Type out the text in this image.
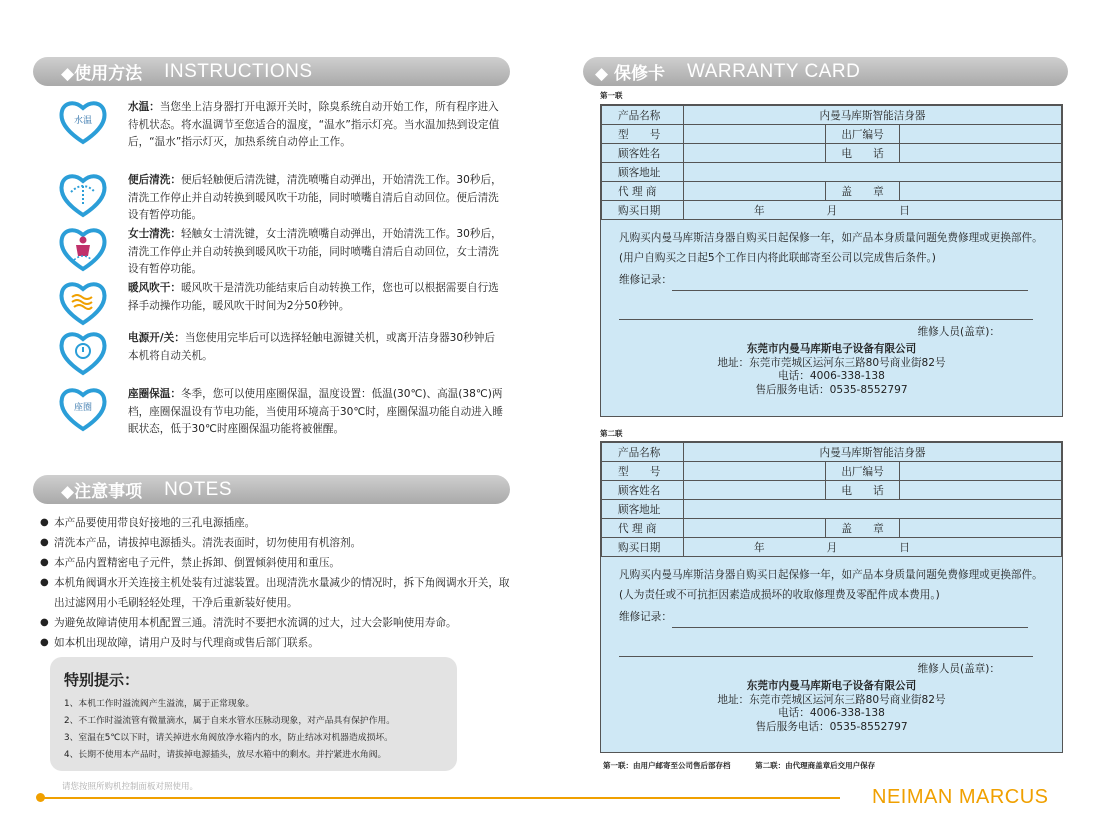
◆使用方法 INSTRUCTIONS
水温
水温：当您坐上洁身器打开电源开关时，除臭系统自动开始工作，所有程序进入待机状态。将水温调节至您适合的温度，“温水”指示灯亮。当水温加热到设定值后，“温水”指示灯灭，加热系统自动停止工作。
便后清洗：便后轻触便后清洗键，清洗喷嘴自动弹出，开始清洗工作。30秒后，清洗工作停止并自动转换到暖风吹干功能，同时喷嘴自清后自动回位。便后清洗设有暂停功能。
女士清洗：轻触女士清洗键，女士清洗喷嘴自动弹出，开始清洗工作。30秒后，清洗工作停止并自动转换到暖风吹干功能，同时喷嘴自清后自动回位，女士清洗设有暂停功能。
暖风吹干：暖风吹干是清洗功能结束后自动转换工作，您也可以根据需要自行选择手动操作功能，暖风吹干时间为2分50秒钟。
电源开/关：当您使用完毕后可以选择轻触电源键关机，或离开洁身器30秒钟后本机将自动关机。
座圈
座圈保温：冬季，您可以使用座圈保温，温度设置：低温(30℃)、高温(38℃)两档，座圈保温设有节电功能，当使用环境高于30℃时，座圈保温功能自动进入睡眠状态，低于30℃时座圈保温功能将被催醒。
◆注意事项 NOTES
● 本产品要使用带良好接地的三孔电源插座。
● 清洗本产品，请拔掉电源插头。清洗表面时，切勿使用有机溶剂。
● 本产品内置精密电子元件，禁止拆卸、倒置倾斜使用和重压。
● 本机角阀调水开关连接主机处装有过滤装置。出现清洗水量减少的情况时，拆下角阀调水开关，取出过滤网用小毛刷轻轻处理，干净后重新装好使用。
● 为避免故障请使用本机配置三通。清洗时不要把水流调的过大，过大会影响使用寿命。
● 如本机出现故障，请用户及时与代理商或售后部门联系。
特别提示：

1、本机工作时溢流阀产生溢流，属于正常现象。

2、不工作时溢流管有微量滴水，属于自来水管水压脉动现象，对产品具有保护作用。

3、室温在5℃以下时，请关掉进水角阀放净水箱内的水，防止结冰对机器造成损坏。

4、长期不使用本产品时，请拔掉电源插头，放尽水箱中的剩水。并拧紧进水角阀。

请您按照所购机控制面板对照使用。	NEIMAN MARCUS
◆ 保修卡 WARRANTY CARD
第一联
产品名称	内曼马库斯智能洁身器		
型　　号		出厂编号	
顾客姓名		电　　话	
顾客地址			
代 理 商		盖　　章	
购买日期	年 月 日		
凡购买内曼马库斯洁身器自购买日起保修一年，如产品本身质量问题免费修理或更换部件。(用户自购买之日起5个工作日内将此联邮寄至公司以完成售后条件。)
维修记录：

维修人员(盖章)：
东莞市内曼马库斯电子设备有限公司
地址：东莞市莞城区运河东三路80号商业街82号
电话：4006-338-138
售后服务电话：0535-8552797
第二联
产品名称	内曼马库斯智能洁身器		
型　　号		出厂编号	
顾客姓名		电　　话	
顾客地址			
代 理 商		盖　　章	
购买日期	年 月 日		
凡购买内曼马库斯洁身器自购买日起保修一年，如产品本身质量问题免费修理或更换部件。(人为责任或不可抗拒因素造成损坏的收取修理费及零配件成本费用。)
维修记录：

维修人员(盖章)：
东莞市内曼马库斯电子设备有限公司
地址：东莞市莞城区运河东三路80号商业街82号
电话：4006-338-138
售后服务电话：0535-8552797
第一联：由用户邮寄至公司售后部存档	第二联：由代理商盖章后交用户保存
